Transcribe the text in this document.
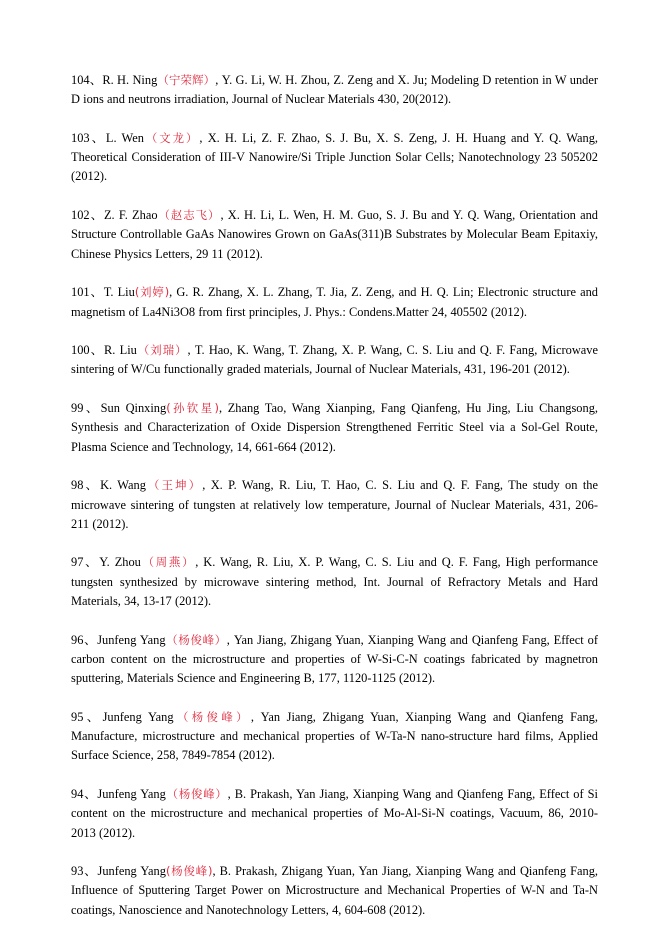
104、R. H. Ning（宁荣辉）, Y. G. Li, W. H. Zhou, Z. Zeng and X. Ju; Modeling D retention in W under D ions and neutrons irradiation, Journal of Nuclear Materials 430, 20(2012).
103、L. Wen（文龙）, X. H. Li, Z. F. Zhao, S. J. Bu, X. S. Zeng, J. H. Huang and Y. Q. Wang, Theoretical Consideration of III-V Nanowire/Si Triple Junction Solar Cells; Nanotechnology 23 505202 (2012).
102、Z. F. Zhao（赵志飞）, X. H. Li, L. Wen, H. M. Guo, S. J. Bu and Y. Q. Wang, Orientation and Structure Controllable GaAs Nanowires Grown on GaAs(311)B Substrates by Molecular Beam Epitaxiy, Chinese Physics Letters, 29 11 (2012).
101、T. Liu(刘婷), G. R. Zhang, X. L. Zhang, T. Jia, Z. Zeng, and H. Q. Lin; Electronic structure and magnetism of La4Ni3O8 from first principles, J. Phys.: Condens.Matter 24, 405502 (2012).
100、R. Liu（刘瑞）, T. Hao, K. Wang, T. Zhang, X. P. Wang, C. S. Liu and Q. F. Fang, Microwave sintering of W/Cu functionally graded materials, Journal of Nuclear Materials, 431, 196-201 (2012).
99、Sun Qinxing(孙钦星), Zhang Tao, Wang Xianping, Fang Qianfeng, Hu Jing, Liu Changsong, Synthesis and Characterization of Oxide Dispersion Strengthened Ferritic Steel via a Sol-Gel Route, Plasma Science and Technology, 14, 661-664 (2012).
98、K. Wang（王坤）, X. P. Wang, R. Liu, T. Hao, C. S. Liu and Q. F. Fang, The study on the microwave sintering of tungsten at relatively low temperature, Journal of Nuclear Materials, 431, 206-211 (2012).
97、Y. Zhou（周燕）, K. Wang, R. Liu, X. P. Wang, C. S. Liu and Q. F. Fang, High performance tungsten synthesized by microwave sintering method, Int. Journal of Refractory Metals and Hard Materials, 34, 13-17 (2012).
96、Junfeng Yang（杨俊峰）, Yan Jiang, Zhigang Yuan, Xianping Wang and Qianfeng Fang, Effect of carbon content on the microstructure and properties of W-Si-C-N coatings fabricated by magnetron sputtering, Materials Science and Engineering B, 177, 1120-1125 (2012).
95、Junfeng Yang（杨俊峰）, Yan Jiang, Zhigang Yuan, Xianping Wang and Qianfeng Fang, Manufacture, microstructure and mechanical properties of W-Ta-N nano-structure hard films, Applied Surface Science, 258, 7849-7854 (2012).
94、Junfeng Yang（杨俊峰）, B. Prakash, Yan Jiang, Xianping Wang and Qianfeng Fang, Effect of Si content on the microstructure and mechanical properties of Mo-Al-Si-N coatings, Vacuum, 86, 2010-2013 (2012).
93、Junfeng Yang(杨俊峰), B. Prakash, Zhigang Yuan, Yan Jiang, Xianping Wang and Qianfeng Fang, Influence of Sputtering Target Power on Microstructure and Mechanical Properties of W-N and Ta-N coatings, Nanoscience and Nanotechnology Letters, 4, 604-608 (2012).
